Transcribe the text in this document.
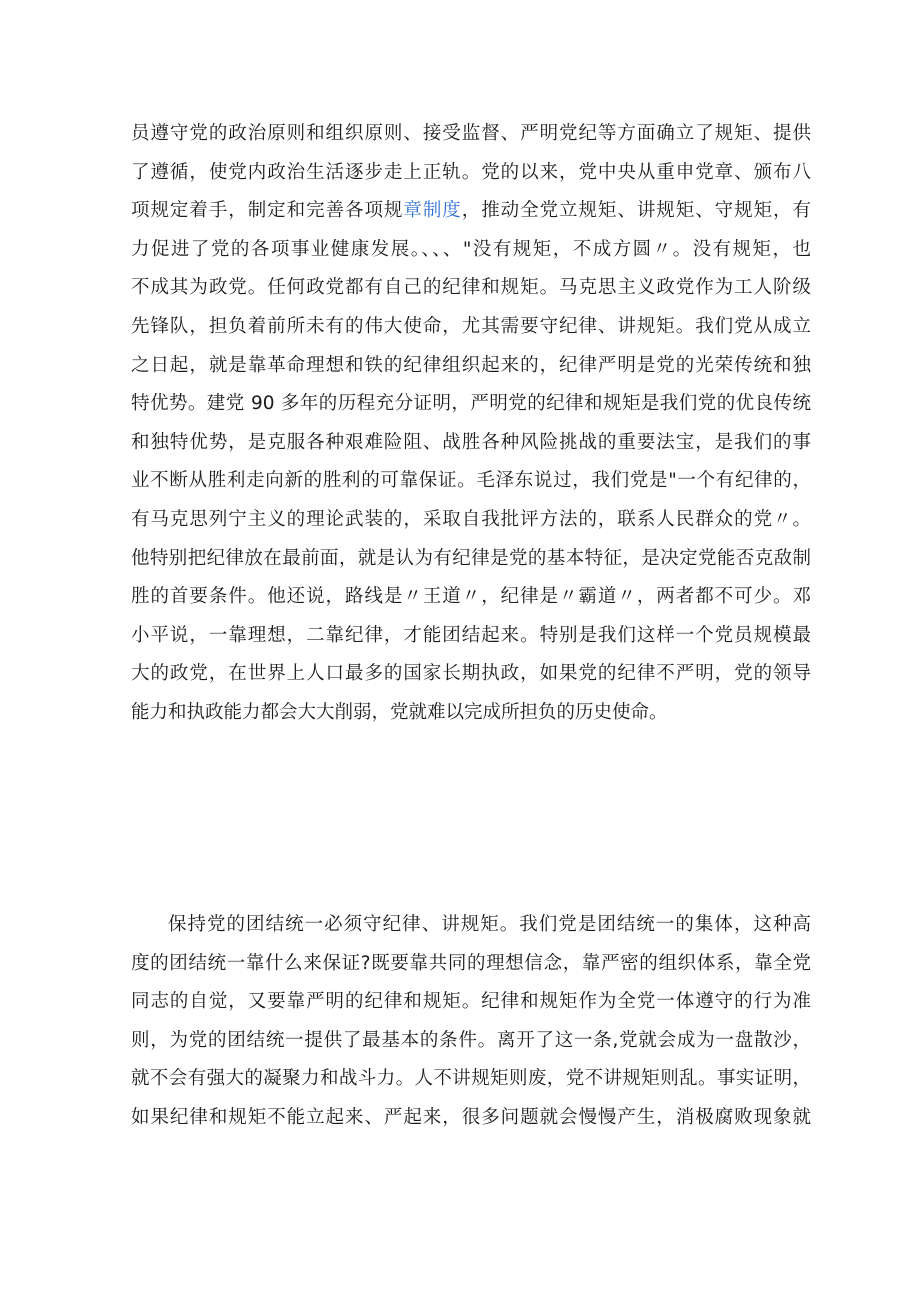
员遵守党的政治原则和组织原则、接受监督、严明党纪等方面确立了规矩、提供
了遵循，使党内政治生活逐步走上正轨。党的以来，党中央从重申党章、颁布八
项规定着手，制定和完善各项规章制度，推动全党立规矩、讲规矩、守规矩，有
力促进了党的各项事业健康发展。、、、"没有规矩，不成方圆〃。没有规矩，也
不成其为政党。任何政党都有自己的纪律和规矩。马克思主义政党作为工人阶级
先锋队，担负着前所未有的伟大使命，尤其需要守纪律、讲规矩。我们党从成立
之日起，就是靠革命理想和铁的纪律组织起来的，纪律严明是党的光荣传统和独
特优势。建党 90 多年的历程充分证明，严明党的纪律和规矩是我们党的优良传统
和独特优势，是克服各种艰难险阻、战胜各种风险挑战的重要法宝，是我们的事
业不断从胜利走向新的胜利的可靠保证。毛泽东说过，我们党是"一个有纪律的，
有马克思列宁主义的理论武装的，采取自我批评方法的，联系人民群众的党〃。
他特别把纪律放在最前面，就是认为有纪律是党的基本特征，是决定党能否克敌制
胜的首要条件。他还说，路线是〃王道〃，纪律是〃霸道〃，两者都不可少。邓
小平说，一靠理想，二靠纪律，才能团结起来。特别是我们这样一个党员规模最
大的政党，在世界上人口最多的国家长期执政，如果党的纪律不严明，党的领导
能力和执政能力都会大大削弱，党就难以完成所担负的历史使命。
保持党的团结统一必须守纪律、讲规矩。我们党是团结统一的集体，这种高
度的团结统一靠什么来保证?既要靠共同的理想信念，靠严密的组织体系，靠全党
同志的自觉，又要靠严明的纪律和规矩。纪律和规矩作为全党一体遵守的行为准
则，为党的团结统一提供了最基本的条件。离开了这一条,党就会成为一盘散沙，
就不会有强大的凝聚力和战斗力。人不讲规矩则废，党不讲规矩则乱。事实证明，
如果纪律和规矩不能立起来、严起来，很多问题就会慢慢产生，消极腐败现象就
